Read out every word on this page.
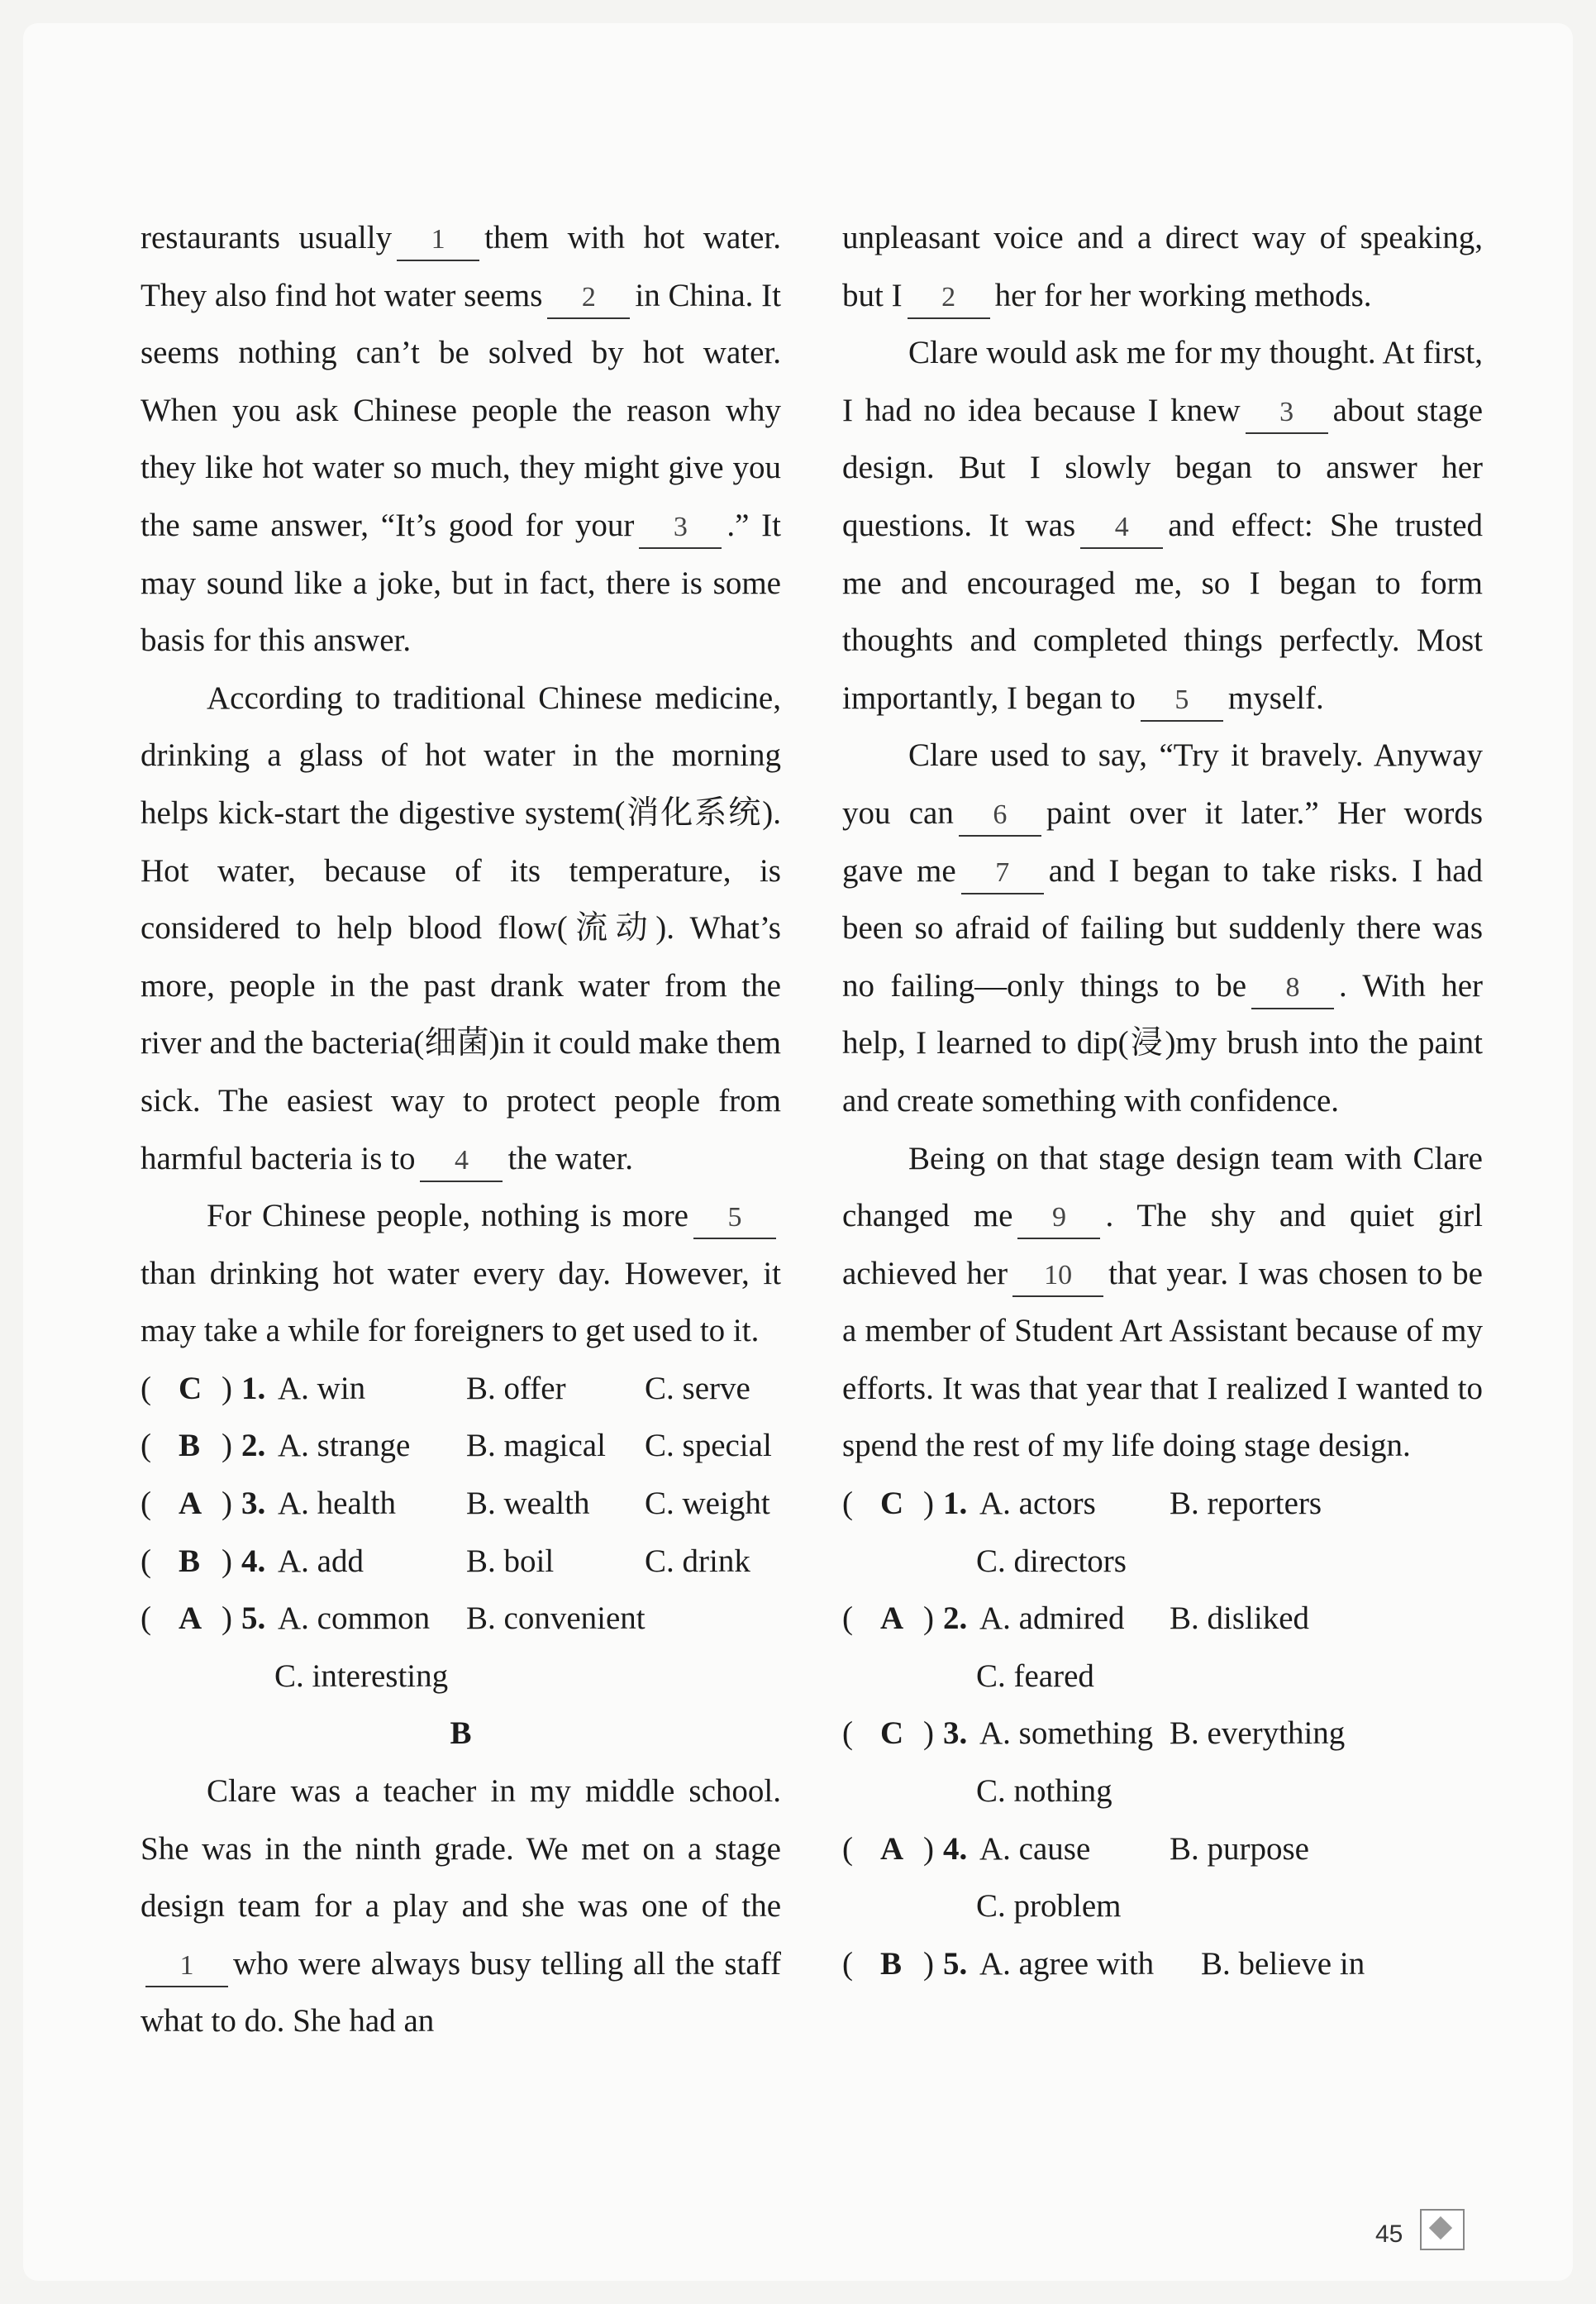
restaurants usually 1 them with hot water. They also find hot water seems 2 in China. It seems nothing can’t be solved by hot water. When you ask Chinese people the reason why they like hot water so much, they might give you the same answer, “It’s good for your 3 .” It may sound like a joke, but in fact, there is some basis for this answer.

According to traditional Chinese medicine, drinking a glass of hot water in the morning helps kick-start the digestive system(消化系统). Hot water, because of its temperature, is considered to help blood flow(流动). What’s more, people in the past drank water from the river and the bacteria(细菌)in it could make them sick. The easiest way to protect people from harmful bacteria is to 4 the water.

For Chinese people, nothing is more 5than drinking hot water every day. However, it may take a while for foreigners to get used to it.

( C ) 1. A. win	B. offer C. serve
( B ) 2. A. strange B. magical C. special
( A ) 3. A. health B. wealth C. weight
( B ) 4. A. add	B. boil	C. drink
( A ) 5. A. common B. convenient
C. interesting
B

Clare was a teacher in my middle school. She was in the ninth grade. We met on a stage design team for a play and she was one of the1 who were always busy telling all the staff what to do. She had an

unpleasant voice and a direct way of speaking, but I 2 her for her working methods.

Clare would ask me for my thought. At first, I had no idea because I knew 3 about stage design. But I slowly began to answer her questions. It was 4 and effect: She trusted me and encouraged me, so I began to form thoughts and completed things perfectly. Most importantly, I began to 5 myself.

Clare used to say, “Try it bravely. Anyway you can 6 paint over it later.” Her words gave me 7 and I began to take risks. I had been so afraid of failing but suddenly there was no failing—only things to be 8 . With her help, I learned to dip(浸)my brush into the paint and create something with confidence.

Being on that stage design team with Clare changed me 9 . The shy and quiet girl achieved her 10 that year. I was chosen to be a member of Student Art Assistant because of my efforts. It was that year that I realized I wanted to spend the rest of my life doing stage design.

( C ) 1. A. actors B. reporters
C. directors
( A ) 2. A. admired B. disliked
C. feared
( C ) 3. A. something B. everything
C. nothing
( A ) 4. A. cause B. purpose
C. problem
( B ) 5. A. agree with B. believe in
45
